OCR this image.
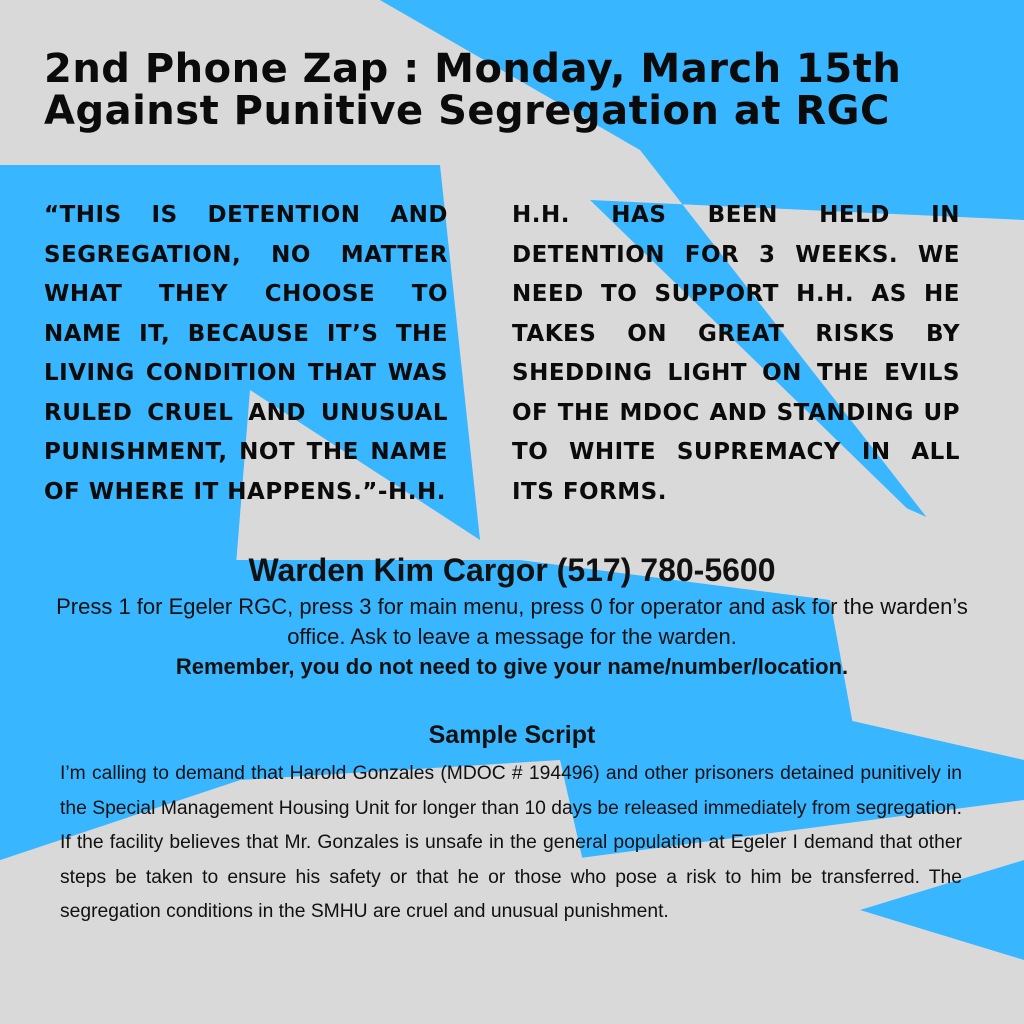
2nd Phone Zap : Monday, March 15th
Against Punitive Segregation at RGC
“THIS IS DETENTION AND SEGREGATION, NO MATTER WHAT THEY CHOOSE TO NAME IT, BECAUSE IT’S THE LIVING CONDITION THAT WAS RULED CRUEL AND UNUSUAL PUNISHMENT, NOT THE NAME OF WHERE IT HAPPENS.”-H.H.
H.H. HAS BEEN HELD IN DETENTION FOR 3 WEEKS. WE NEED TO SUPPORT H.H. AS HE TAKES ON GREAT RISKS BY SHEDDING LIGHT ON THE EVILS OF THE MDOC AND STANDING UP TO WHITE SUPREMACY IN ALL ITS FORMS.

Warden Kim Cargor (517) 780-5600

Press 1 for Egeler RGC, press 3 for main menu, press 0 for operator and ask for the warden’s office. Ask to leave a message for the warden.

Remember, you do not need to give your name/number/location.

Sample Script

I’m calling to demand that Harold Gonzales (MDOC # 194496) and other prisoners detained punitively in the Special Management Housing Unit for longer than 10 days be released immediately from segregation. If the facility believes that Mr. Gonzales is unsafe in the general population at Egeler I demand that other steps be taken to ensure his safety or that he or those who pose a risk to him be transferred. The segregation conditions in the SMHU are cruel and unusual punishment.
